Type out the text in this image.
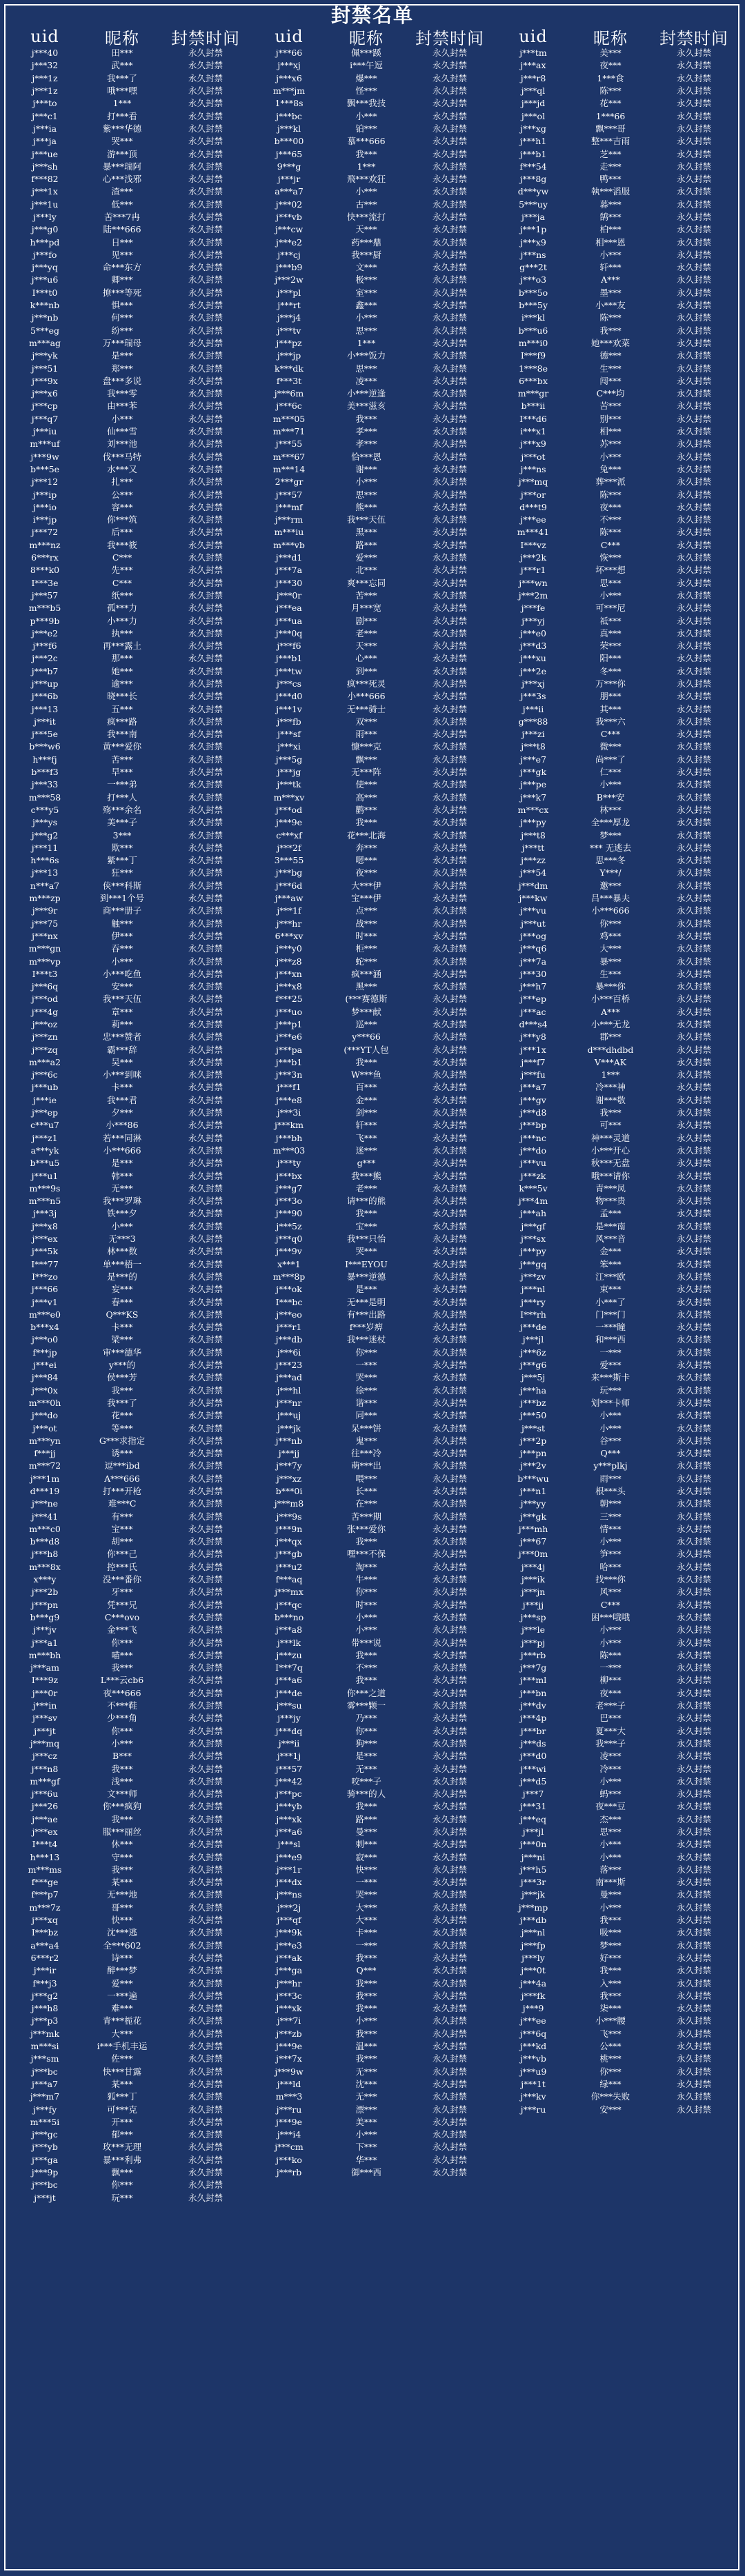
封禁名单
uid	昵称	封禁时间
j***40	田***	永久封禁
j***32	武***	永久封禁
j***1z	我***了	永久封禁
j***1z	哦***嘿	永久封禁
j***to	1***	永久封禁
j***c1	打***看	永久封禁
j***ia	紫***华德	永久封禁
j***ja	哭***	永久封禁
j***ue	游***顶	永久封禁
j***sh	暴***瑞阿	永久封禁
f***82	心***浅邪	永久封禁
j***1x	渣***	永久封禁
j***1u	低***	永久封禁
j***ly	苦***7冉	永久封禁
j***g0	陆***666	永久封禁
h***pd	日***	永久封禁
j***fo	见***	永久封禁
j***yq	命***东方	永久封禁
j***u6	卿***	永久封禁
I***t0	撩***等死	永久封禁
k***nb	惧***	永久封禁
j***nb	何***	永久封禁
5***eg	纷***	永久封禁
m***ag	万***瑞母	永久封禁
j***yk	是***	永久封禁
j***51	郑***	永久封禁
j***9x	盘***多说	永久封禁
j***x6	我***零	永久封禁
j***cp	由***苯	永久封禁
j***q7	小***	永久封禁
j***iu	仙***雪	永久封禁
m***uf	刘***池	永久封禁
j***9w	伐***马特	永久封禁
b***5e	水***又	永久封禁
j***12	扎***	永久封禁
j***ip	公***	永久封禁
j***io	容***	永久封禁
i***jp	你***筑	永久封禁
j***72	后***	永久封禁
m***nz	我***筱	永久封禁
6***rx	C***	永久封禁
8***k0	先***	永久封禁
I***3e	C***	永久封禁
j***57	纸***	永久封禁
m***b5	孤***力	永久封禁
p***9b	小***力	永久封禁
j***e2	执***	永久封禁
j***f6	再***露土	永久封禁
j***2c	那***	永久封禁
j***b7	她***	永久封禁
j***up	逾***	永久封禁
j***6b	晓***长	永久封禁
j***13	五***	永久封禁
j***it	疯***路	永久封禁
j***5e	我***南	永久封禁
b***w6	黄***爱你	永久封禁
h***fj	苦***	永久封禁
b***f3	早***	永久封禁
j***33	一***弟	永久封禁
m***58	打***人	永久封禁
c***y5	殇***余名	永久封禁
j***ys	美***子	永久封禁
j***g2	3***	永久封禁
j***11	欺***	永久封禁
h***6s	紫***丁	永久封禁
j***13	狂***	永久封禁
n***a7	侠***科斯	永久封禁
m***zp	到***1个号	永久封禁
j***9r	商***册子	永久封禁
j***75	触***	永久封禁
j***nx	伊***	永久封禁
m***gn	吞***	永久封禁
m***vp	小***	永久封禁
I***t3	小***吃鱼	永久封禁
j***6q	安***	永久封禁
j***od	我***天伍	永久封禁
j***4g	章***	永久封禁
j***oz	莉***	永久封禁
j***zn	忠***赞者	永久封禁
j***zq	霸***辞	永久封禁
m***a2	吴***	永久封禁
j***6c	小***到咪	永久封禁
j***ub	卡***	永久封禁
j***ie	我***君	永久封禁
j***ep	夕***	永久封禁
c***u7	小***86	永久封禁
j***z1	若***同淋	永久封禁
a***yk	小***666	永久封禁
b***u5	是***	永久封禁
j***u1	韩***	永久封禁
m***9s	无***	永久封禁
m***n5	我***罗琳	永久封禁
j***3j	铁***夕	永久封禁
j***x8	小***	永久封禁
j***ex	无***3	永久封禁
j***5k	林***数	永久封禁
I***77	单***梧一	永久封禁
I***zo	是***的	永久封禁
j***66	妄***	永久封禁
j***v1	春***	永久封禁
m***e0	Q***KS	永久封禁
b***x4	卡***	永久封禁
j***o0	梁***	永久封禁
f***jp	审***德华	永久封禁
j***ei	y***的	永久封禁
j***84	侯***芳	永久封禁
j***0x	我***	永久封禁
m***0h	我***了	永久封禁
j***do	花***	永久封禁
j***ot	等***	永久封禁
m***yn	G***求指定	永久封禁
f***jj	诱***	永久封禁
m***72	逗***ibd	永久封禁
j***1m	A***666	永久封禁
d***19	打***开枪	永久封禁
j***ne	难***C	永久封禁
j***41	有***	永久封禁
m***c0	宝***	永久封禁
b***d8	胡***	永久封禁
j***h8	你***己	永久封禁
m***8x	控***氏	永久封禁
x***y	没***番你	永久封禁
j***2b	牙***	永久封禁
j***pn	凭***兄	永久封禁
b***g9	C***ovo	永久封禁
j***jv	金***飞	永久封禁
j***a1	你***	永久封禁
m***bh	喵***	永久封禁
j***am	我***	永久封禁
I***9z	L***云cb6	永久封禁
j***0r	夜***666	永久封禁
j***in	不***鞋	永久封禁
j***sv	少***角	永久封禁
j***jt	你***	永久封禁
j***mq	小***	永久封禁
j***cz	B***	永久封禁
j***n8	我***	永久封禁
m***gf	浅***	永久封禁
j***6u	文***师	永久封禁
j***26	你***疯狗	永久封禁
j***ae	我***	永久封禁
j***ex	服***丽丝	永久封禁
I***t4	休***	永久封禁
h***13	守***	永久封禁
m***ms	我***	永久封禁
f***ge	某***	永久封禁
f***p7	无***地	永久封禁
m***7z	哥***	永久封禁
j***xq	快***	永久封禁
I***bz	沈***逃	永久封禁
a***a4	全***602	永久封禁
6***r2	诗***	永久封禁
j***ir	醉***梦	永久封禁
f***j3	爱***	永久封禁
j***g2	一***遍	永久封禁
j***h8	难***	永久封禁
j***p3	青***栀花	永久封禁
j***mk	大***	永久封禁
m***si	i***手机丰运	永久封禁
j***sm	佐***	永久封禁
j***bc	快***甘露	永久封禁
j***a7	某***	永久封禁
j***m7	狐***丁	永久封禁
j***fy	可***克	永久封禁
m***5i	开***	永久封禁
j***gc	郁***	永久封禁
j***yb	玫***无理	永久封禁
j***ga	暴***利弗	永久封禁
j***9p	飘***	永久封禁
j***bc	你***	永久封禁
j***jt	玩***	永久封禁
uid	昵称	封禁时间
j***66	佩***蹊	永久封禁
j***xj	i***午逗	永久封禁
j***x6	爆***	永久封禁
m***jm	怪***	永久封禁
1***8s	飘***我技	永久封禁
j***bc	小***	永久封禁
j***kl	铂***	永久封禁
b***00	慕***666	永久封禁
j***65	我***	永久封禁
9***g	1***	永久封禁
j***jr	飛***欢狂	永久封禁
a***a7	小***	永久封禁
j***02	古***	永久封禁
j***vb	快***流打	永久封禁
j***cw	天***	永久封禁
j***e2	药***鼎	永久封禁
j***cj	我***厨	永久封禁
j***b9	文***	永久封禁
j***2w	极***	永久封禁
j***pl	室***	永久封禁
j***rt	鑫***	永久封禁
j***j4	小***	永久封禁
j***tv	思***	永久封禁
j***pz	1***	永久封禁
j***jp	小***饭力	永久封禁
k***dk	思***	永久封禁
f***3t	凌***	永久封禁
j***6m	小***逆逢	永久封禁
j***6c	美***滋亥	永久封禁
m***05	我***	永久封禁
m***71	孝***	永久封禁
j***55	孝***	永久封禁
m***67	恰***恩	永久封禁
m***14	谢***	永久封禁
2***gr	小***	永久封禁
j***57	思***	永久封禁
j***mf	熊***	永久封禁
j***rm	我***天伍	永久封禁
m***iu	黑***	永久封禁
m***vb	路***	永久封禁
j***d1	爱***	永久封禁
j***7a	北***	永久封禁
j***30	爽***忘同	永久封禁
j***0r	苦***	永久封禁
j***ea	月***宽	永久封禁
j***ua	剧***	永久封禁
j***0q	老***	永久封禁
j***f6	天***	永久封禁
j***b1	心***	永久封禁
j***tw	到***	永久封禁
j***cs	疯***死灵	永久封禁
j***d0	小***666	永久封禁
j***1v	无***骑士	永久封禁
j***fb	双***	永久封禁
j***sf	雨***	永久封禁
j***xi	慷***克	永久封禁
j***5g	飘***	永久封禁
j***jg	无***阵	永久封禁
j***tk	使***	永久封禁
m***xv	高***	永久封禁
j***od	鹳***	永久封禁
j***9e	我***	永久封禁
c***xf	花***北海	永久封禁
j***2f	奔***	永久封禁
3***55	嗯***	永久封禁
j***bg	夜***	永久封禁
j***6d	大***伊	永久封禁
j***aw	宝***伊	永久封禁
j***1f	点***	永久封禁
j***hr	战***	永久封禁
6***xv	时***	永久封禁
j***y0	柜***	永久封禁
j***z8	蛇***	永久封禁
j***xn	疯***涵	永久封禁
j***x8	黑***	永久封禁
f***25	(***赛德斯	永久封禁
j***uo	梦***献	永久封禁
j***p1	巡***	永久封禁
j***e6	y***66	永久封禁
j***pa	(***YT人包	永久封禁
j***b1	我***	永久封禁
j***3n	W***鱼	永久封禁
j***f1	百***	永久封禁
j***e8	金***	永久封禁
j***3i	剑***	永久封禁
j***km	轩***	永久封禁
j***bh	飞***	永久封禁
m***03	迷***	永久封禁
j***ty	g***	永久封禁
j***bx	我***熊	永久封禁
j***g7	老***	永久封禁
j***3o	请***的熊	永久封禁
j***90	我***	永久封禁
j***5z	宝***	永久封禁
j***q0	我***只怡	永久封禁
j***9v	哭***	永久封禁
x***1	I***EYOU	永久封禁
m***8p	暴***逆德	永久封禁
j***ok	是***	永久封禁
I***bc	无***是明	永久封禁
j***eo	有***出路	永久封禁
j***r1	f***岁痹	永久封禁
j***db	我***迷杖	永久封禁
j***6i	你***	永久封禁
j***23	一***	永久封禁
j***ad	哭***	永久封禁
j***hl	徐***	永久封禁
j***nr	谐***	永久封禁
j***uj	同***	永久封禁
j***jk	呆***饼	永久封禁
j***nb	鬼***	永久封禁
j***jj	往***冷	永久封禁
j***7y	萌***出	永久封禁
j***xz	喂***	永久封禁
b***0i	长***	永久封禁
j***m8	在***	永久封禁
j***9s	苦***期	永久封禁
j***9n	张***爱你	永久封禁
j***qx	我***	永久封禁
j***gb	嘿***不保	永久封禁
j***u2	淘***	永久封禁
f***aq	牛***	永久封禁
j***mx	你***	永久封禁
j***qc	时***	永久封禁
b***no	小***	永久封禁
j***a8	小***	永久封禁
j***lk	带***说	永久封禁
j***zu	我***	永久封禁
I***7q	不***	永久封禁
j***a6	我***	永久封禁
j***de	你***之道	永久封禁
j***su	雾***颗一	永久封禁
j***jy	乃***	永久封禁
j***dq	你***	永久封禁
j***ii	狗***	永久封禁
j***1j	是***	永久封禁
j***57	无***	永久封禁
j***42	咬***子	永久封禁
j***pc	骑***的人	永久封禁
j***yb	我***	永久封禁
j***xk	路***	永久封禁
j***a6	曼***	永久封禁
j***sl	刺***	永久封禁
j***e9	寂***	永久封禁
j***1r	快***	永久封禁
j***dx	一***	永久封禁
j***ns	哭***	永久封禁
j***2j	大***	永久封禁
j***qf	大***	永久封禁
j***9k	卡***	永久封禁
j***e3	一***	永久封禁
j***ak	我***	永久封禁
j***ga	Q***	永久封禁
j***hr	我***	永久封禁
j***3c	我***	永久封禁
j***xk	我***	永久封禁
j***7i	小***	永久封禁
j***zb	我***	永久封禁
j***9e	温***	永久封禁
j***7x	我***	永久封禁
j***9w	无***	永久封禁
j***ld	沈***	永久封禁
m***3	无***	永久封禁
j***ru	漂***	永久封禁
j***9e	美***	永久封禁
j***i4	小***	永久封禁
j***cm	下***	永久封禁
j***ko	华***	永久封禁
j***rb	御***西	永久封禁
uid	昵称	封禁时间
j***tm	美***	永久封禁
j***ax	夜***	永久封禁
j***r8	1***食	永久封禁
j***ql	陈***	永久封禁
j***jd	花***	永久封禁
j***ol	1***66	永久封禁
j***xg	飘***哥	永久封禁
j***h1	整***吉雨	永久封禁
j***b1	芝***	永久封禁
f***54	走***	永久封禁
j***8g	鸭***	永久封禁
d***yw	執***滔服	永久封禁
5***uy	暮***	永久封禁
j***ja	鹄***	永久封禁
j***1p	柏***	永久封禁
j***x9	相***恩	永久封禁
j***ns	小***	永久封禁
g***2t	轩***	永久封禁
j***o3	A***	永久封禁
b***5o	墨***	永久封禁
b***5y	小***友	永久封禁
i***kl	陈***	永久封禁
b***u6	我***	永久封禁
m***i0	她***欢菜	永久封禁
I***f9	德***	永久封禁
1***8e	生***	永久封禁
6***bx	闯***	永久封禁
m***gr	C***均	永久封禁
b***ii	苦***	永久封禁
I***d6	别***	永久封禁
i***x1	相***	永久封禁
j***x9	苏***	永久封禁
j***ot	小***	永久封禁
j***ns	兔***	永久封禁
j***mq	葬***派	永久封禁
j***or	陈***	永久封禁
d***t9	夜***	永久封禁
j***ee	不***	永久封禁
m***41	陈***	永久封禁
I***vz	C***	永久封禁
j***2k	恢***	永久封禁
j***r1	坏***想	永久封禁
j***wn	思***	永久封禁
j***2m	小***	永久封禁
j***fe	可***尼	永久封禁
j***yj	祗***	永久封禁
j***e0	真***	永久封禁
j***d3	荣***	永久封禁
j***xu	阳***	永久封禁
j***2e	冬***	永久封禁
j***xj	万***你	永久封禁
j***3s	朋***	永久封禁
j***ii	其***	永久封禁
g***88	我***六	永久封禁
j***zi	C***	永久封禁
j***t8	微***	永久封禁
j***e7	尚***了	永久封禁
j***gk	仁***	永久封禁
j***pe	小***	永久封禁
j***k7	B***安	永久封禁
m***cx	林***	永久封禁
j***py	全***厚龙	永久封禁
j***t8	梦***	永久封禁
j***tt	*** 无逃去	永久封禁
j***zz	思***冬	永久封禁
j***54	Y***/	永久封禁
j***dm	邀***	永久封禁
j***kw	吕***暴夫	永久封禁
j***vu	小***666	永久封禁
j***ut	你***	永久封禁
j***og	鸡***	永久封禁
j***q6	大***	永久封禁
j***7a	暴***	永久封禁
j***30	生***	永久封禁
j***h7	暴***你	永久封禁
j***ep	小***百桥	永久封禁
j***ac	A***	永久封禁
d***s4	小***无龙	永久封禁
j***y8	郡***	永久封禁
j***1x	d***dhdbd	永久封禁
j***f7	V***AK	永久封禁
j***fu	1***	永久封禁
j***a7	冷***神	永久封禁
j***gv	谢***敬	永久封禁
j***d8	我***	永久封禁
j***bp	可***	永久封禁
j***nc	神***灵道	永久封禁
j***do	小***开心	永久封禁
j***vu	秋***无盘	永久封禁
j***zk	哦***请你	永久封禁
k***5v	青***凤	永久封禁
j***4m	物***贵	永久封禁
j***ah	孟***	永久封禁
j***gf	是***南	永久封禁
j***sx	风***音	永久封禁
j***py	金***	永久封禁
j***gq	笨***	永久封禁
j***zv	江***欧	永久封禁
j***nl	束***	永久封禁
j***ry	小***了	永久封禁
I***rh	门***门	永久封禁
j***de	一***瞳	永久封禁
j***jl	和***西	永久封禁
j***6z	一***	永久封禁
j***g6	爱***	永久封禁
j***5j	来***斯卡	永久封禁
j***ha	玩***	永久封禁
j***bz	划***卡师	永久封禁
j***50	小***	永久封禁
j***st	小***	永久封禁
j***2p	谷***	永久封禁
j***pn	Q***	永久封禁
j***2v	y***plkj	永久封禁
b***wu	雨***	永久封禁
j***n1	根***头	永久封禁
j***yy	朝***	永久封禁
j***gk	三***	永久封禁
j***mh	情***	永久封禁
j***67	小***	永久封禁
j***0m	笋***	永久封禁
j***4j	哈***	永久封禁
j***ik	找***你	永久封禁
j***jn	风***	永久封禁
j***jj	C***	永久封禁
j***sp	困***哦哦	永久封禁
j***le	小***	永久封禁
j***pj	小***	永久封禁
j***rb	陈***	永久封禁
j***7g	一***	永久封禁
j***ml	柳***	永久封禁
j***bn	夜***	永久封禁
j***dv	老***子	永久封禁
j***4p	巴***	永久封禁
j***br	夏***大	永久封禁
j***ds	我***子	永久封禁
j***d0	凌***	永久封禁
j***wi	冷***	永久封禁
j***d5	小***	永久封禁
j***7	蚂***	永久封禁
j***31	夜***豆	永久封禁
j***eq	杰***	永久封禁
j***jl	思***	永久封禁
j***0n	小***	永久封禁
j***ni	小***	永久封禁
j***h5	落***	永久封禁
j***3r	南***斯	永久封禁
j***jk	曼***	永久封禁
j***mp	小***	永久封禁
j***db	我***	永久封禁
j***nl	吸***	永久封禁
j***fp	梦***	永久封禁
j***ly	好***	永久封禁
j***0t	我***	永久封禁
j***4a	入***	永久封禁
j***fk	我***	永久封禁
j***9	柒***	永久封禁
j***ee	小***腰	永久封禁
j***6q	飞***	永久封禁
j***kd	公***	永久封禁
j***vb	桃***	永久封禁
j***u9	你***	永久封禁
j***1t	绿***	永久封禁
j***kv	你***失败	永久封禁
j***ru	安***	永久封禁
